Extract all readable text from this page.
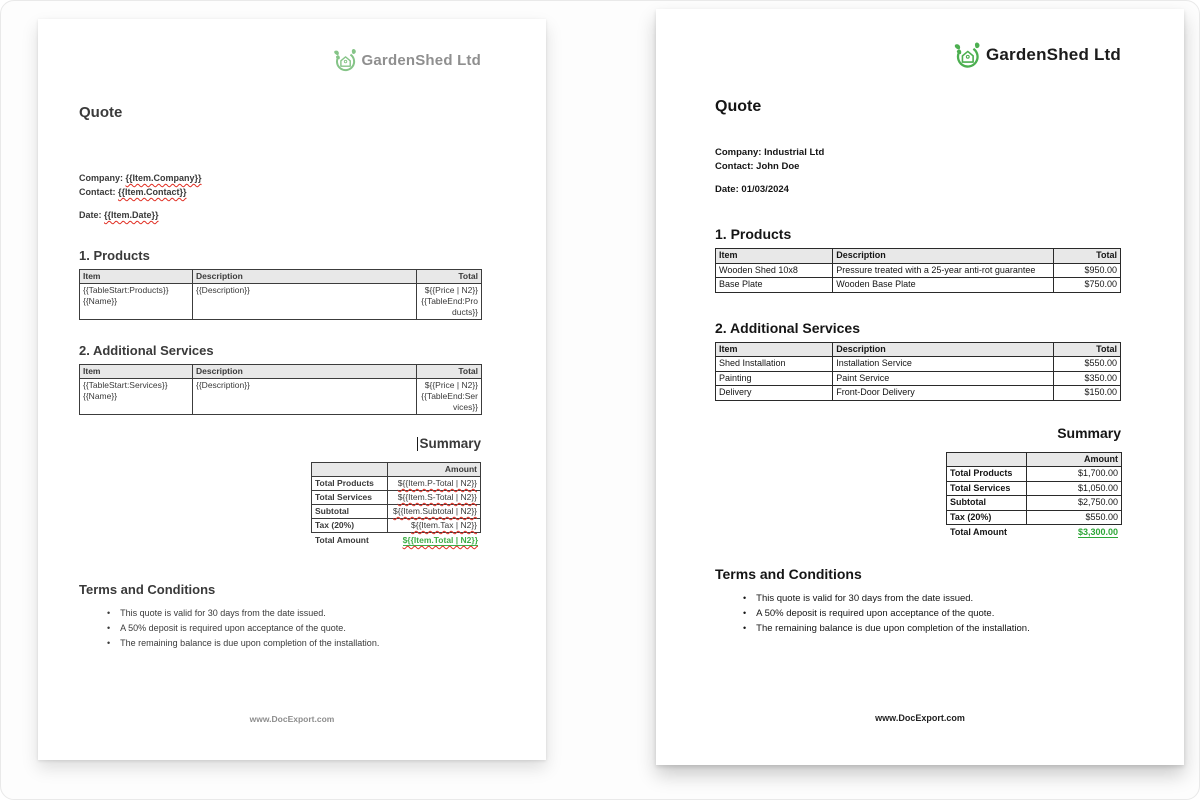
GardenShed Ltd
Quote
Company: {{Item.Company}}
Contact: {{Item.Contact}}
Date: {{Item.Date}}
1. Products
Item	Description	Total
{{TableStart:Products}}{{Name}}	{{Description}}	${{Price | N2}}{{TableEnd:Products}}
2. Additional Services
Item	Description	Total
{{TableStart:Services}}{{Name}}	{{Description}}	${{Price | N2}}{{TableEnd:Services}}
Summary
	Amount
Total Products	${{Item.P-Total | N2}}
Total Services	${{Item.S-Total | N2}}
Subtotal	${{Item.Subtotal | N2}}
Tax (20%)	${{Item.Tax | N2}}
Total Amount	${{Item.Total | N2}}
Terms and Conditions
• This quote is valid for 30 days from the date issued.
• A 50% deposit is required upon acceptance of the quote.
• The remaining balance is due upon completion of the installation.
www.DocExport.com
GardenShed Ltd
Quote
Company: Industrial Ltd
Contact: John Doe
Date: 01/03/2024
1. Products
Item	Description	Total
Wooden Shed 10x8	Pressure treated with a 25-year anti-rot guarantee	$950.00
Base Plate	Wooden Base Plate	$750.00
2. Additional Services
Item	Description	Total
Shed Installation	Installation Service	$550.00
Painting	Paint Service	$350.00
Delivery	Front-Door Delivery	$150.00
Summary
	Amount
Total Products	$1,700.00
Total Services	$1,050.00
Subtotal	$2,750.00
Tax (20%)	$550.00
Total Amount	$3,300.00
Terms and Conditions
• This quote is valid for 30 days from the date issued.
• A 50% deposit is required upon acceptance of the quote.
• The remaining balance is due upon completion of the installation.
www.DocExport.com
